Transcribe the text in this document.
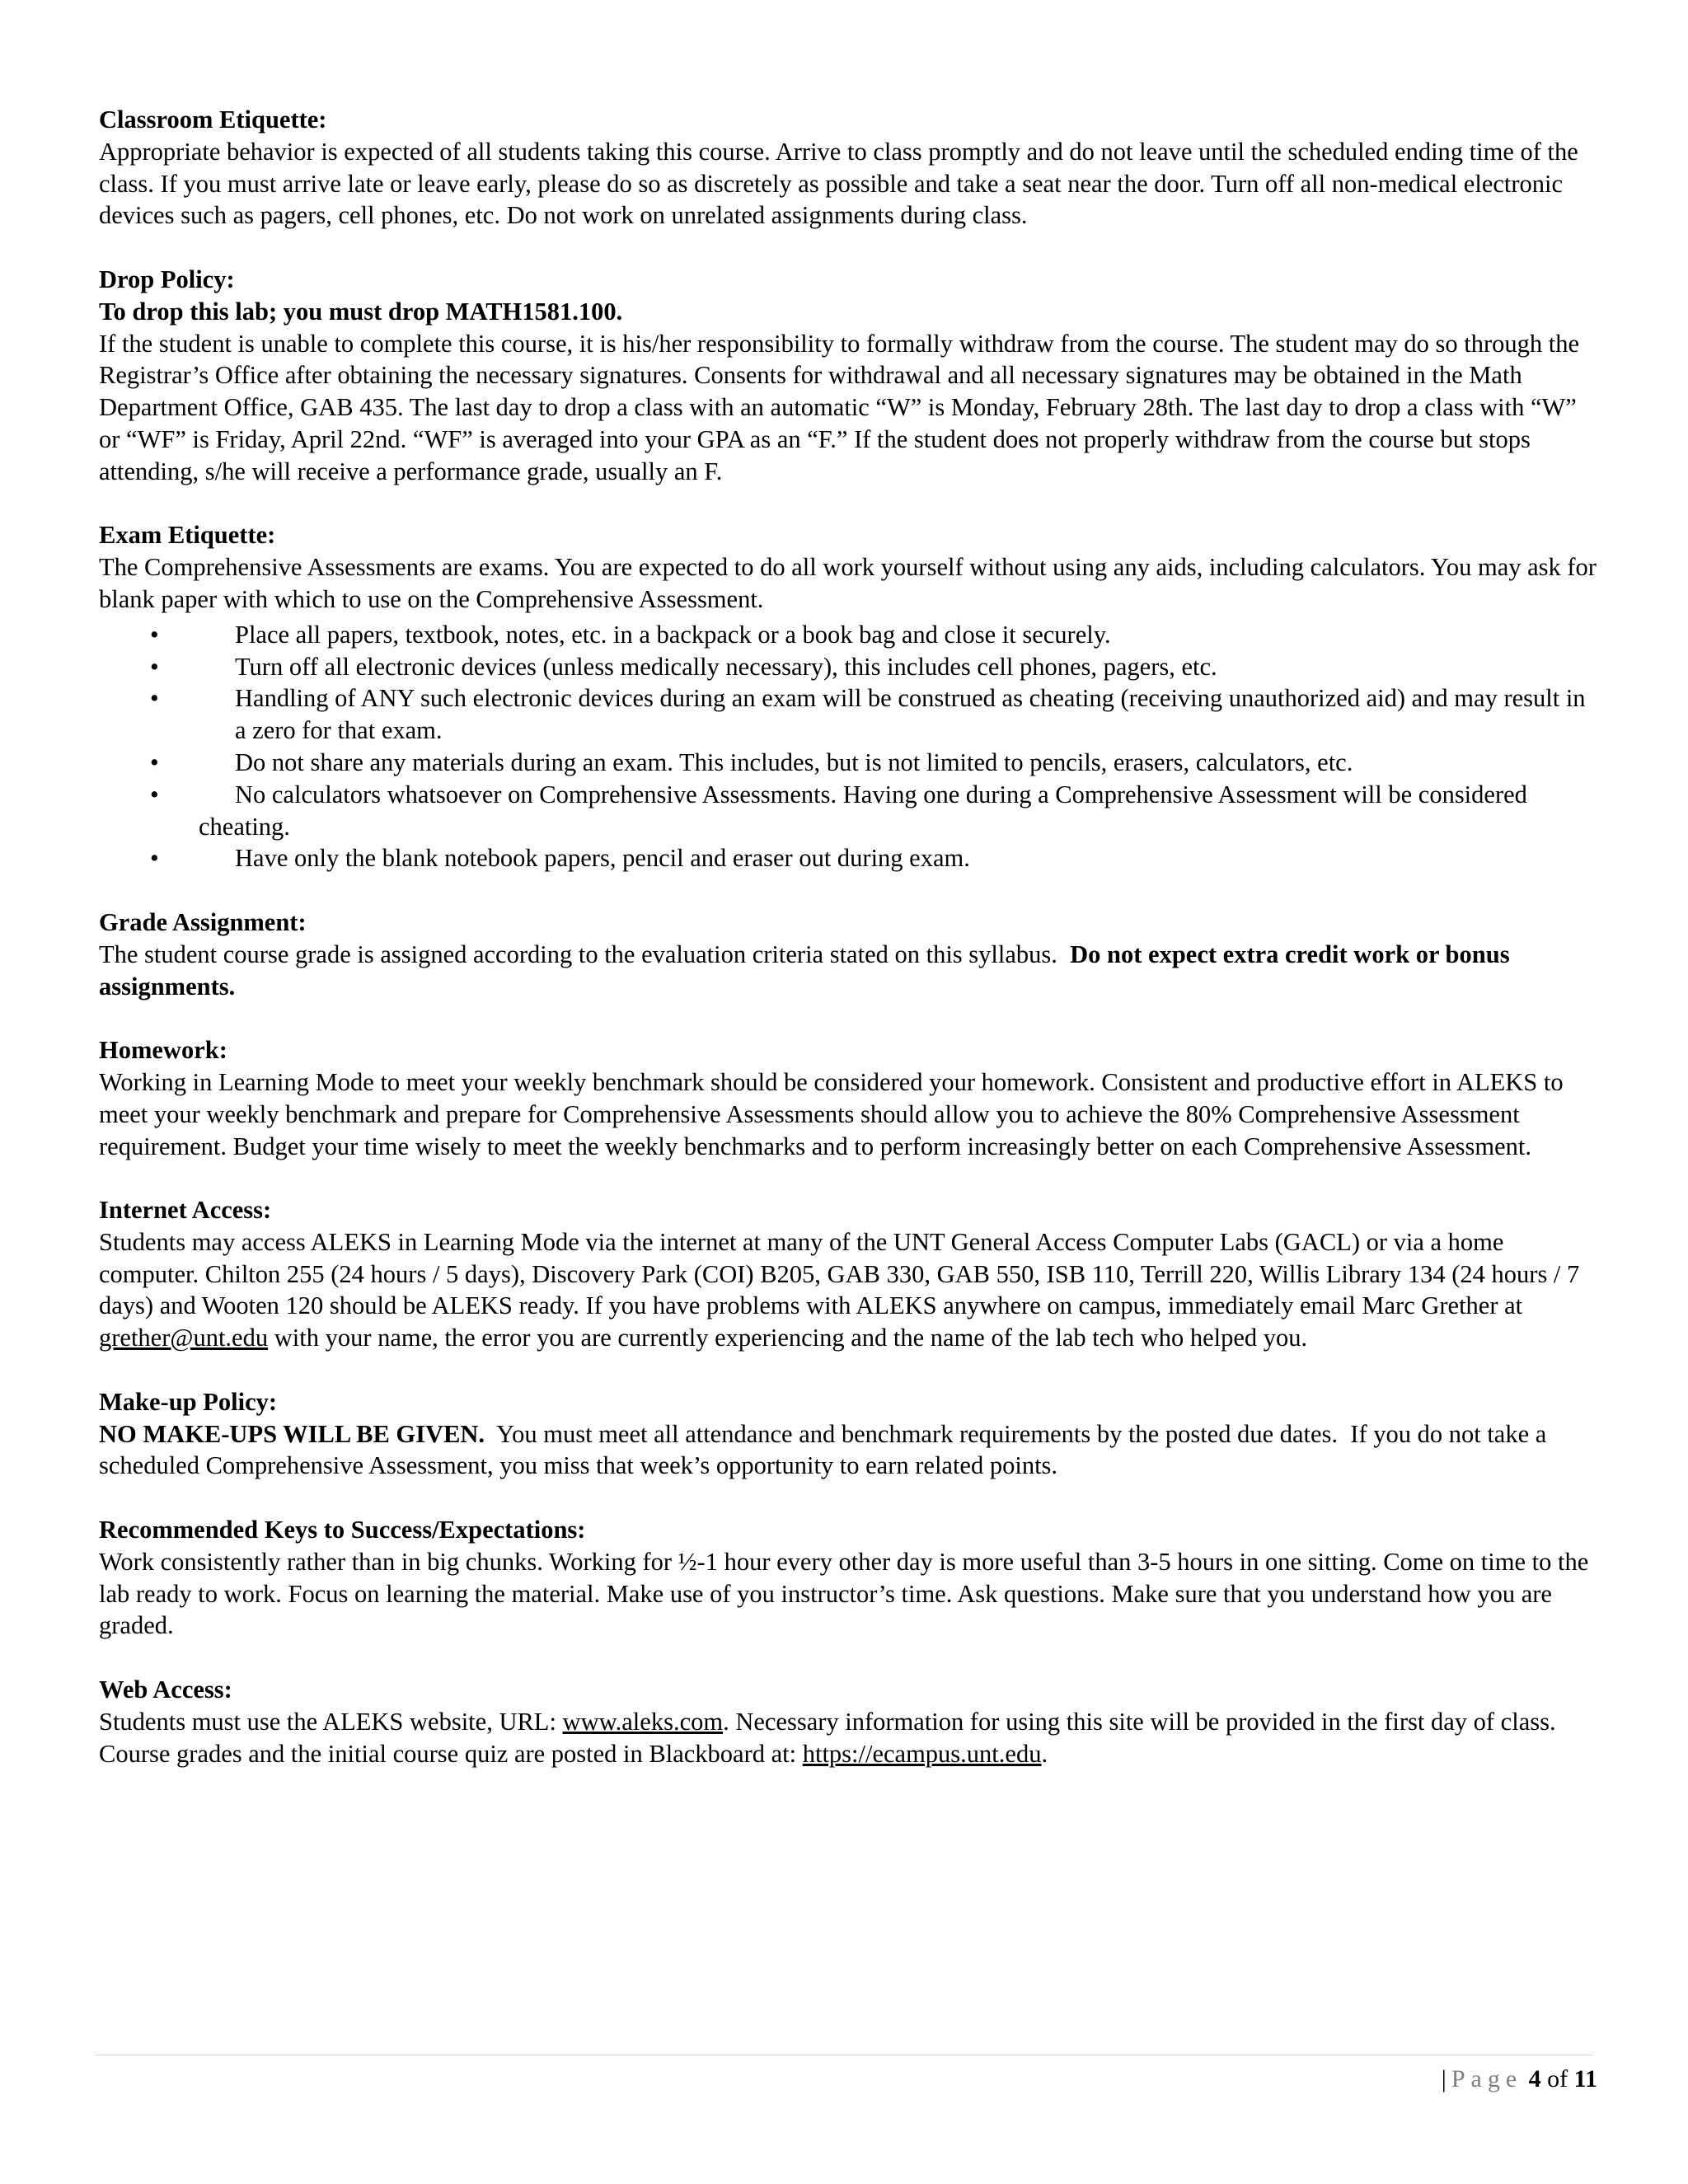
Classroom Etiquette:

Appropriate behavior is expected of all students taking this course. Arrive to class promptly and do not leave until the scheduled ending time of the class. If you must arrive late or leave early, please do so as discretely as possible and take a seat near the door. Turn off all non-medical electronic devices such as pagers, cell phones, etc. Do not work on unrelated assignments during class.

Drop Policy:
To drop this lab; you must drop MATH1581.100.

If the student is unable to complete this course, it is his/her responsibility to formally withdraw from the course. The student may do so through the Registrar’s Office after obtaining the necessary signatures. Consents for withdrawal and all necessary signatures may be obtained in the Math Department Office, GAB 435. The last day to drop a class with an automatic “W” is Monday, February 28th. The last day to drop a class with “W” or “WF” is Friday, April 22nd. “WF” is averaged into your GPA as an “F.” If the student does not properly withdraw from the course but stops attending, s/he will receive a performance grade, usually an F.

Exam Etiquette:

The Comprehensive Assessments are exams. You are expected to do all work yourself without using any aids, including calculators. You may ask for blank paper with which to use on the Comprehensive Assessment.

•	Place all papers, textbook, notes, etc. in a backpack or a book bag and close it securely.
•	Turn off all electronic devices (unless medically necessary), this includes cell phones, pagers, etc.
•	Handling of ANY such electronic devices during an exam will be construed as cheating (receiving unauthorized aid) and may result in a zero for that exam.
•	Do not share any materials during an exam. This includes, but is not limited to pencils, erasers, calculators, etc.
•	No calculators whatsoever on Comprehensive Assessments. Having one during a Comprehensive Assessment will be considered cheating.
•	Have only the blank notebook papers, pencil and eraser out during exam.
Grade Assignment:

The student course grade is assigned according to the evaluation criteria stated on this syllabus.  Do not expect extra credit work or bonus assignments.

Homework:

Working in Learning Mode to meet your weekly benchmark should be considered your homework. Consistent and productive effort in ALEKS to meet your weekly benchmark and prepare for Comprehensive Assessments should allow you to achieve the 80% Comprehensive Assessment requirement. Budget your time wisely to meet the weekly benchmarks and to perform increasingly better on each Comprehensive Assessment.

Internet Access:

Students may access ALEKS in Learning Mode via the internet at many of the UNT General Access Computer Labs (GACL) or via a home computer. Chilton 255 (24 hours / 5 days), Discovery Park (COI) B205, GAB 330, GAB 550, ISB 110, Terrill 220, Willis Library 134 (24 hours / 7 days) and Wooten 120 should be ALEKS ready. If you have problems with ALEKS anywhere on campus, immediately email Marc Grether at grether@unt.edu with your name, the error you are currently experiencing and the name of the lab tech who helped you.

Make-up Policy:

NO MAKE-UPS WILL BE GIVEN.  You must meet all attendance and benchmark requirements by the posted due dates.  If you do not take a scheduled Comprehensive Assessment, you miss that week’s opportunity to earn related points.

Recommended Keys to Success/Expectations:

Work consistently rather than in big chunks. Working for ½-1 hour every other day is more useful than 3-5 hours in one sitting. Come on time to the lab ready to work. Focus on learning the material. Make use of you instructor’s time. Ask questions. Make sure that you understand how you are graded.

Web Access:

Students must use the ALEKS website, URL: www.aleks.com. Necessary information for using this site will be provided in the first day of class. Course grades and the initial course quiz are posted in Blackboard at: https://ecampus.unt.edu.

| Page 4 of 11
